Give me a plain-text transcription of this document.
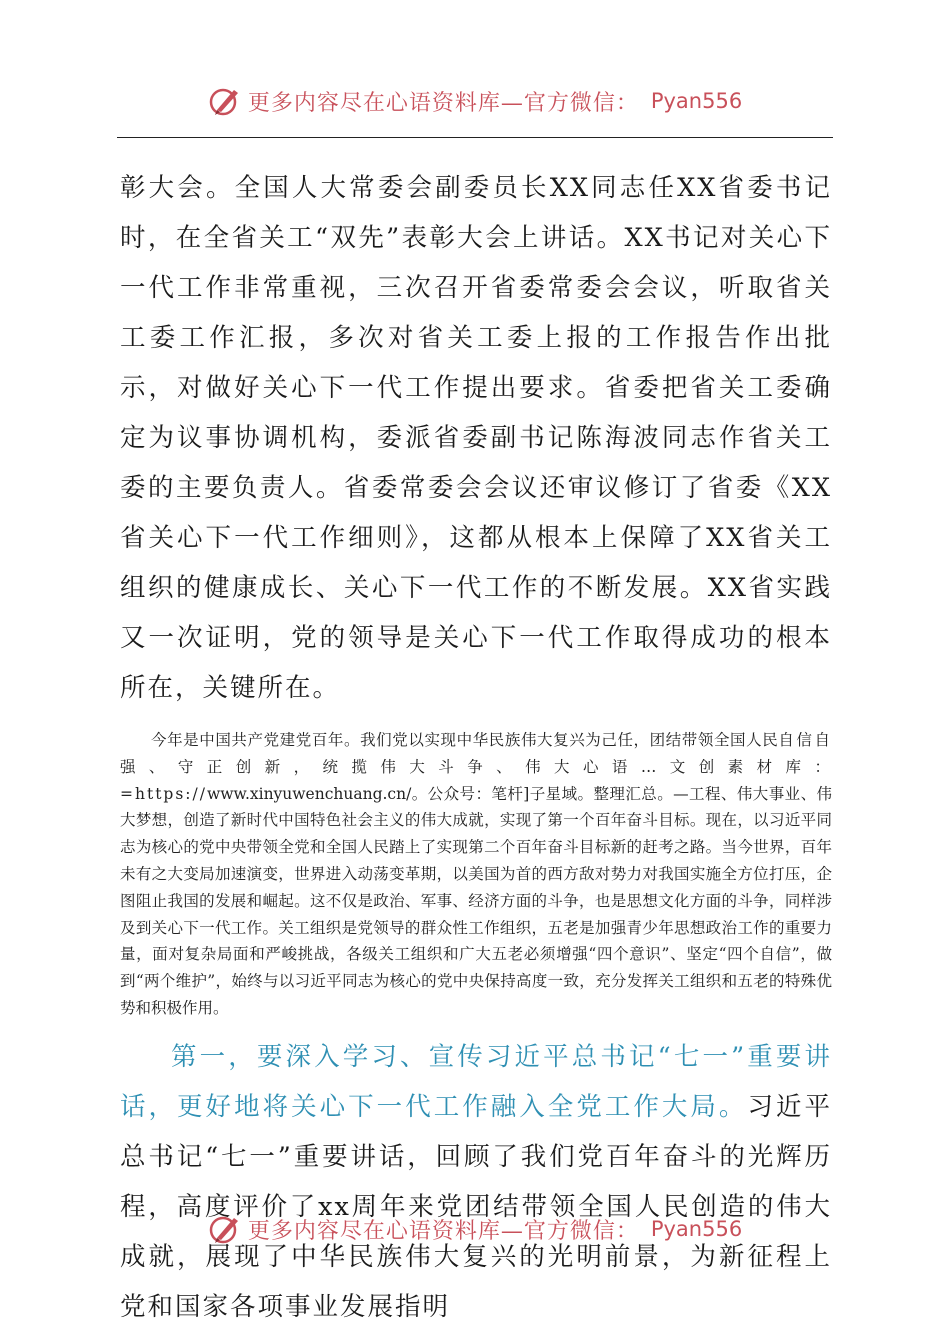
更多内容尽在心语资料库—官方微信： Pyan556

彰大会。全国人大常委会副委员长XX同志任XX省委书记时，在全省关工“双先”表彰大会上讲话。XX书记对关心下一代工作非常重视，三次召开省委常委会会议，听取省关工委工作汇报，多次对省关工委上报的工作报告作出批示，对做好关心下一代工作提出要求。省委把省关工委确定为议事协调机构，委派省委副书记陈海波同志作省关工委的主要负责人。省委常委会会议还审议修订了省委《XX省关心下一代工作细则》，这都从根本上保障了XX省关工组织的健康成长、关心下一代工作的不断发展。XX省实践又一次证明，党的领导是关心下一代工作取得成功的根本所在，关键所在。

今年是中国共产党建党百年。我们党以实现中华民族伟大复兴为己任，团结带领全国人民自信自强、守正创新，统揽伟大斗争、伟大心语…文创素材库：=https://www.xinyuwenchuang.cn/。公众号：笔杆]子星域。整理汇总。—工程、伟大事业、伟大梦想，创造了新时代中国特色社会主义的伟大成就，实现了第一个百年奋斗目标。现在，以习近平同志为核心的党中央带领全党和全国人民踏上了实现第二个百年奋斗目标新的赶考之路。当今世界，百年未有之大变局加速演变，世界进入动荡变革期，以美国为首的西方敌对势力对我国实施全方位打压，企图阻止我国的发展和崛起。这不仅是政治、军事、经济方面的斗争，也是思想文化方面的斗争，同样涉及到关心下一代工作。关工组织是党领导的群众性工作组织，五老是加强青少年思想政治工作的重要力量，面对复杂局面和严峻挑战，各级关工组织和广大五老必须增强“四个意识”、坚定“四个自信”，做到“两个维护”，始终与以习近平同志为核心的党中央保持高度一致，充分发挥关工组织和五老的特殊优势和积极作用。

第一，要深入学习、宣传习近平总书记“七一”重要讲话，更好地将关心下一代工作融入全党工作大局。习近平总书记“七一”重要讲话，回顾了我们党百年奋斗的光辉历程，高度评价了xx周年来党团结带领全国人民创造的伟大成就，展现了中华民族伟大复兴的光明前景，为新征程上党和国家各项事业发展指明

更多内容尽在心语资料库—官方微信： Pyan556
